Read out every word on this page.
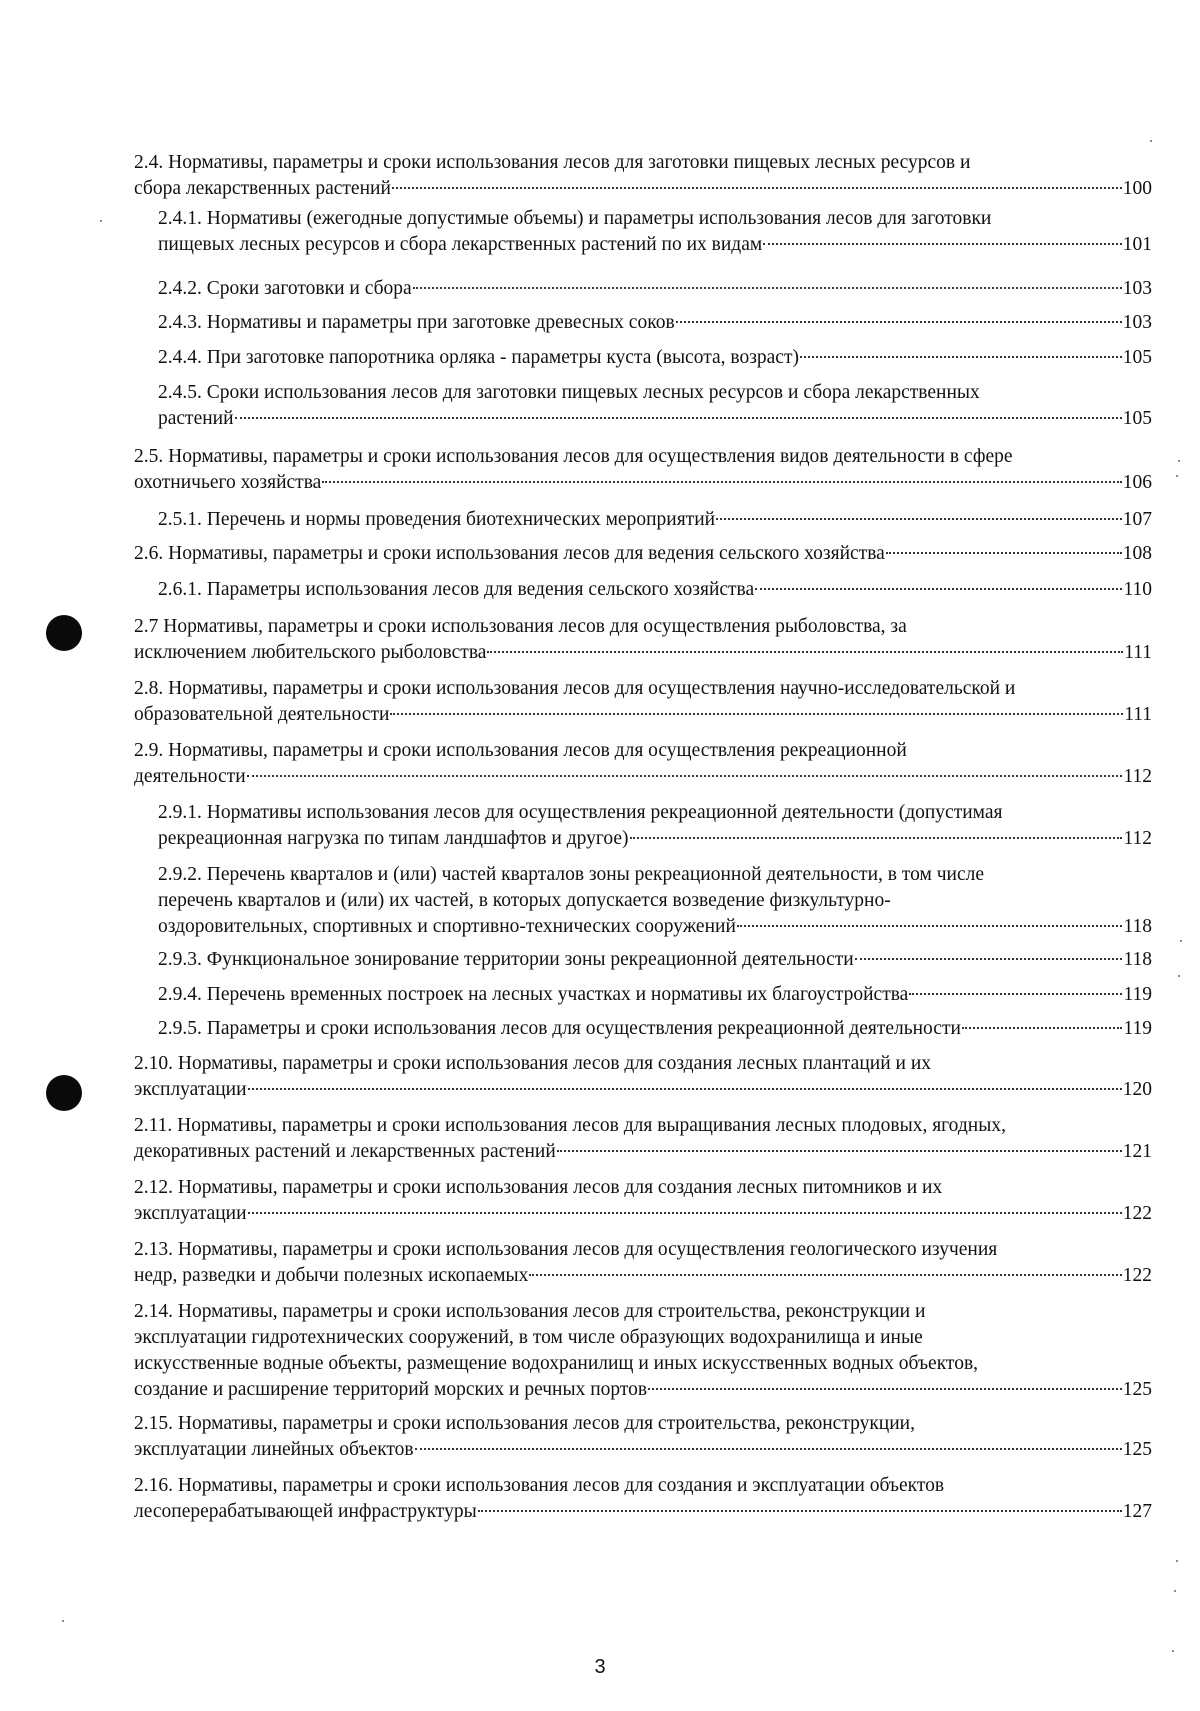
2.4. Нормативы, параметры и сроки использования лесов для заготовки пищевых лесных ресурсов и
сбора лекарственных растений	100
2.4.1. Нормативы (ежегодные допустимые объемы) и параметры использования лесов для заготовки
пищевых лесных ресурсов и сбора лекарственных растений по их видам	101
2.4.2. Сроки заготовки и сбора	103
2.4.3. Нормативы и параметры при заготовке древесных соков	103
2.4.4. При заготовке папоротника орляка - параметры куста (высота, возраст)	105
2.4.5. Сроки использования лесов для заготовки пищевых лесных ресурсов и сбора лекарственных
растений	105
2.5. Нормативы, параметры и сроки использования лесов для осуществления видов деятельности в сфере
охотничьего хозяйства	106
2.5.1. Перечень и нормы проведения биотехнических мероприятий	107
2.6. Нормативы, параметры и сроки использования лесов для ведения сельского хозяйства	108
2.6.1. Параметры использования лесов для ведения сельского хозяйства	110
2.7 Нормативы, параметры и сроки использования лесов для осуществления рыболовства, за
исключением любительского рыболовства	111
2.8. Нормативы, параметры и сроки использования лесов для осуществления научно-исследовательской и
образовательной деятельности	111
2.9. Нормативы, параметры и сроки использования лесов для осуществления рекреационной
деятельности	112
2.9.1. Нормативы использования лесов для осуществления рекреационной деятельности (допустимая
рекреационная нагрузка по типам ландшафтов и другое)	112
2.9.2. Перечень кварталов и (или) частей кварталов зоны рекреационной деятельности, в том числе
перечень кварталов и (или) их частей, в которых допускается возведение физкультурно-
оздоровительных, спортивных и спортивно-технических сооружений	118
2.9.3. Функциональное зонирование территории зоны рекреационной деятельности	118
2.9.4. Перечень временных построек на лесных участках и нормативы их благоустройства	119
2.9.5. Параметры и сроки использования лесов для осуществления рекреационной деятельности	119
2.10. Нормативы, параметры и сроки использования лесов для создания лесных плантаций и их
эксплуатации	120
2.11. Нормативы, параметры и сроки использования лесов для выращивания лесных плодовых, ягодных,
декоративных растений и лекарственных растений	121
2.12. Нормативы, параметры и сроки использования лесов для создания лесных питомников и их
эксплуатации	122
2.13. Нормативы, параметры и сроки использования лесов для осуществления геологического изучения
недр, разведки и добычи полезных ископаемых	122
2.14. Нормативы, параметры и сроки использования лесов для строительства, реконструкции и
эксплуатации гидротехнических сооружений, в том числе образующих водохранилища и иные
искусственные водные объекты, размещение водохранилищ и иных искусственных водных объектов,
создание и расширение территорий морских и речных портов	125
2.15. Нормативы, параметры и сроки использования лесов для строительства, реконструкции,
эксплуатации линейных объектов	125
2.16. Нормативы, параметры и сроки использования лесов для создания и эксплуатации объектов
лесоперерабатывающей инфраструктуры	127
3
